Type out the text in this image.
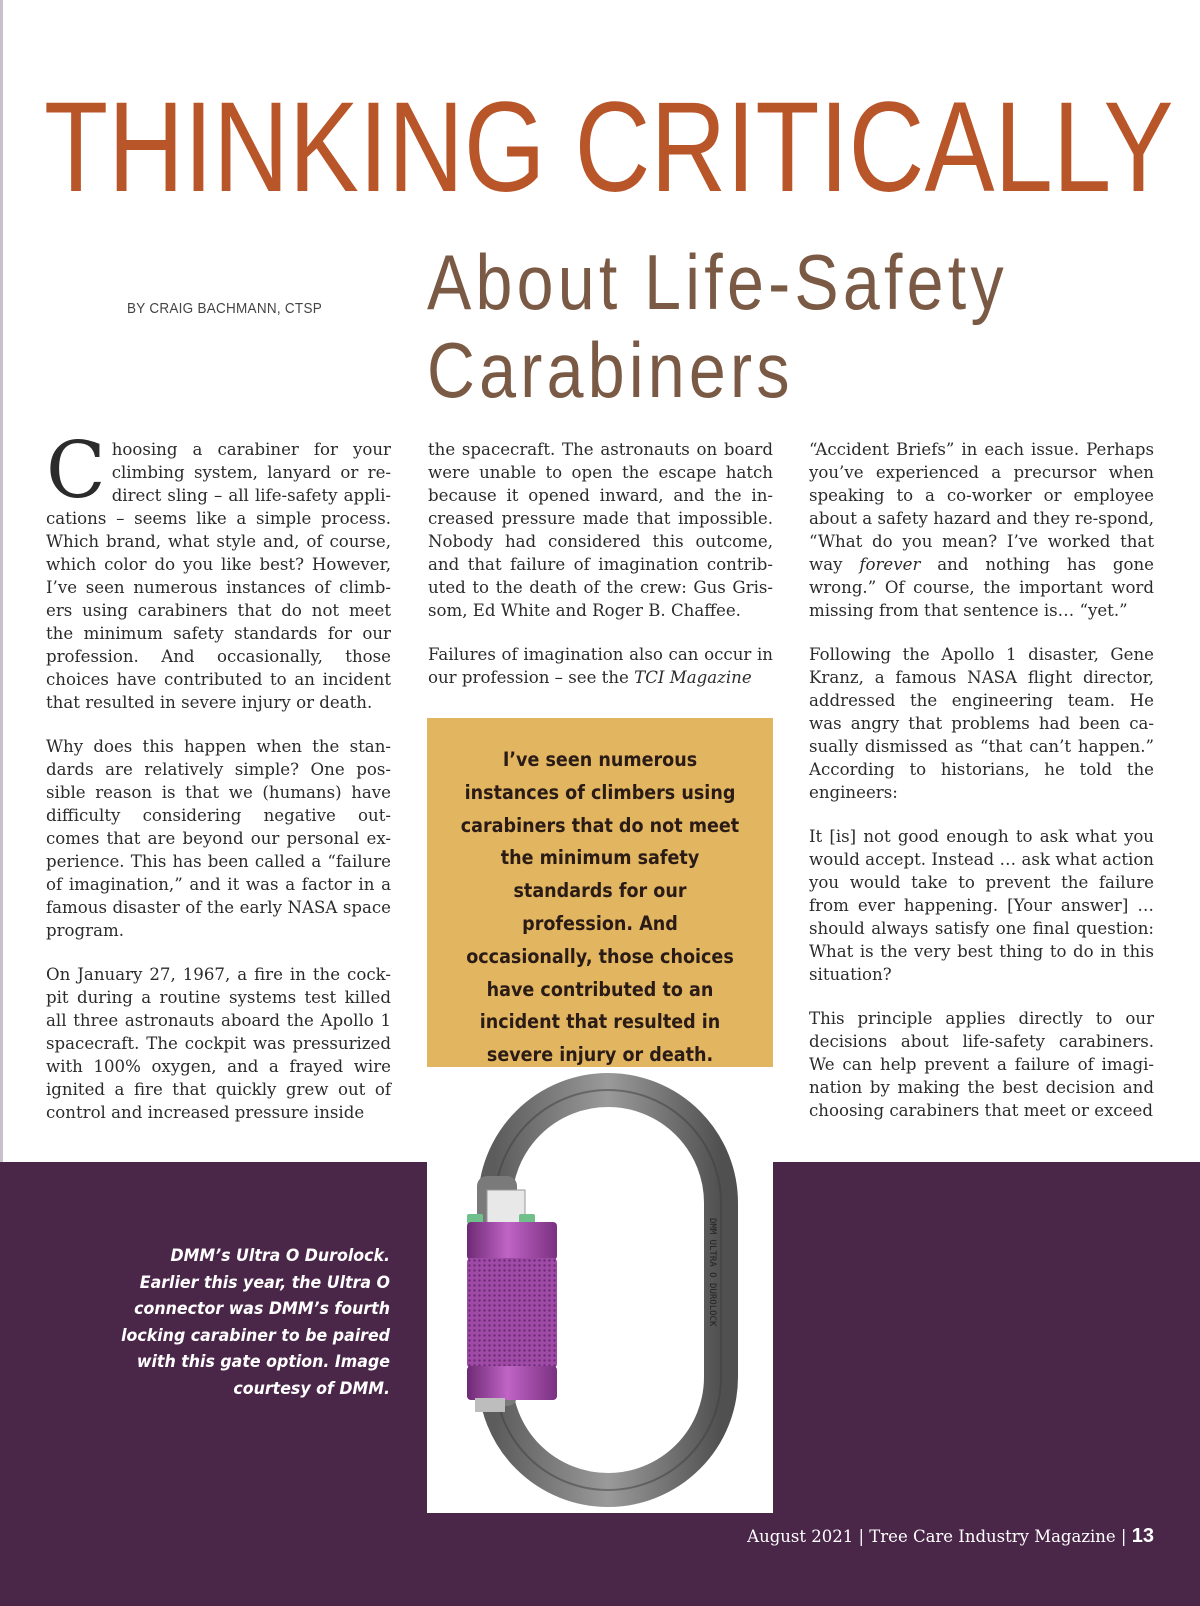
THINKING CRITICALLY
About Life-Safety
Carabiners
BY CRAIG BACHMANN, CTSP

Choosing a carabiner for your climbing system, lanyard or re-direct sling – all life-safety appli-cations – seems like a simple process. Which brand, what style and, of course, which color do you like best? However, I’ve seen numerous instances of climb-ers using carabiners that do not meet the minimum safety standards for our profession. And occasionally, those choices have contributed to an incident that resulted in severe injury or death.

Why does this happen when the stan-dards are relatively simple? One pos-sible reason is that we (humans) have difficulty considering negative out-comes that are beyond our personal ex-perience. This has been called a “failure of imagination,” and it was a factor in a famous disaster of the early NASA space program.

On January 27, 1967, a fire in the cock-pit during a routine systems test killed all three astronauts aboard the Apollo 1 spacecraft. The cockpit was pressurized with 100% oxygen, and a frayed wire ignited a fire that quickly grew out of control and increased pressure inside

the spacecraft. The astronauts on board were unable to open the escape hatch because it opened inward, and the in-creased pressure made that impossible. Nobody had considered this outcome, and that failure of imagination contrib-uted to the death of the crew: Gus Gris-som, Ed White and Roger B. Chaffee.

Failures of imagination also can occur in our profession – see the TCI Magazine

“Accident Briefs” in each issue. Perhaps you’ve experienced a precursor when speaking to a co-worker or employee about a safety hazard and they re-spond, “What do you mean? I’ve worked that way forever and nothing has gone wrong.” Of course, the important word missing from that sentence is… “yet.”

Following the Apollo 1 disaster, Gene Kranz, a famous NASA flight director, addressed the engineering team. He was angry that problems had been ca-sually dismissed as “that can’t happen.” According to historians, he told the engineers:

It [is] not good enough to ask what you would accept. Instead … ask what action you would take to prevent the failure from ever happening. [Your answer] … should always satisfy one final question: What is the very best thing to do in this situation?

This principle applies directly to our decisions about life-safety carabiners. We can help prevent a failure of imagi-nation by making the best decision and choosing carabiners that meet or exceed

I’ve seen numerous instances of climbers using carabiners that do not meet the minimum safety standards for our profession. And occasionally, those choices have contributed to an incident that resulted in severe injury or death.

DMM ULTRA O DUROLOCK
DMM’s Ultra O Durolock. Earlier this year, the Ultra O connector was DMM’s fourth locking carabiner to be paired with this gate option. Image courtesy of DMM.
August 2021 | Tree Care Industry Magazine | 13
